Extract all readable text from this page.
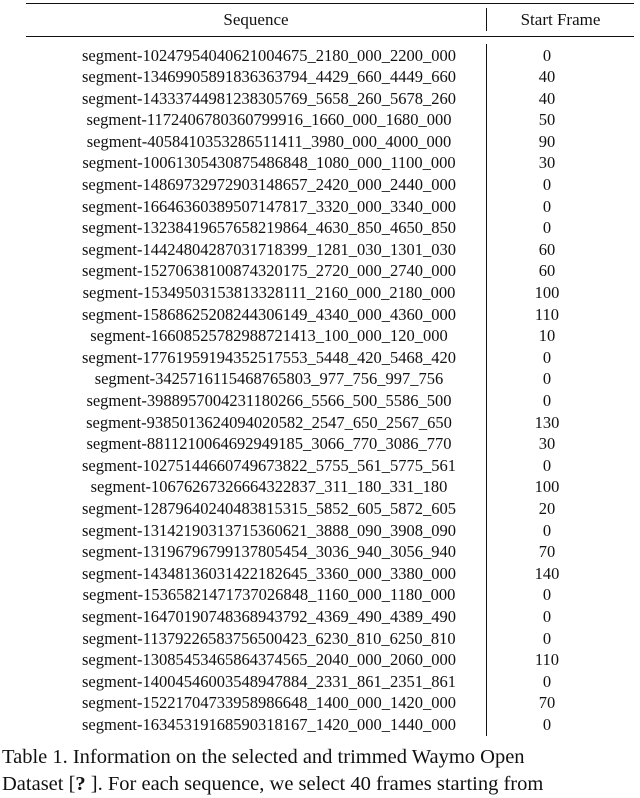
Sequence	Start Frame
segment-10247954040621004675_2180_000_2200_000	0
segment-13469905891836363794_4429_660_4449_660	40
segment-14333744981238305769_5658_260_5678_260	40
segment-1172406780360799916_1660_000_1680_000	50
segment-4058410353286511411_3980_000_4000_000	90
segment-10061305430875486848_1080_000_1100_000	30
segment-14869732972903148657_2420_000_2440_000	0
segment-16646360389507147817_3320_000_3340_000	0
segment-13238419657658219864_4630_850_4650_850	0
segment-14424804287031718399_1281_030_1301_030	60
segment-15270638100874320175_2720_000_2740_000	60
segment-15349503153813328111_2160_000_2180_000	100
segment-15868625208244306149_4340_000_4360_000	110
segment-16608525782988721413_100_000_120_000	10
segment-17761959194352517553_5448_420_5468_420	0
segment-3425716115468765803_977_756_997_756	0
segment-3988957004231180266_5566_500_5586_500	0
segment-9385013624094020582_2547_650_2567_650	130
segment-8811210064692949185_3066_770_3086_770	30
segment-10275144660749673822_5755_561_5775_561	0
segment-10676267326664322837_311_180_331_180	100
segment-12879640240483815315_5852_605_5872_605	20
segment-13142190313715360621_3888_090_3908_090	0
segment-13196796799137805454_3036_940_3056_940	70
segment-14348136031422182645_3360_000_3380_000	140
segment-15365821471737026848_1160_000_1180_000	0
segment-16470190748368943792_4369_490_4389_490	0
segment-11379226583756500423_6230_810_6250_810	0
segment-13085453465864374565_2040_000_2060_000	110
segment-14004546003548947884_2331_861_2351_861	0
segment-15221704733958986648_1400_000_1420_000	70
segment-16345319168590318167_1420_000_1440_000	0
Table 1. Information on the selected and trimmed Waymo Open
Dataset [? ]. For each sequence, we select 40 frames starting from
